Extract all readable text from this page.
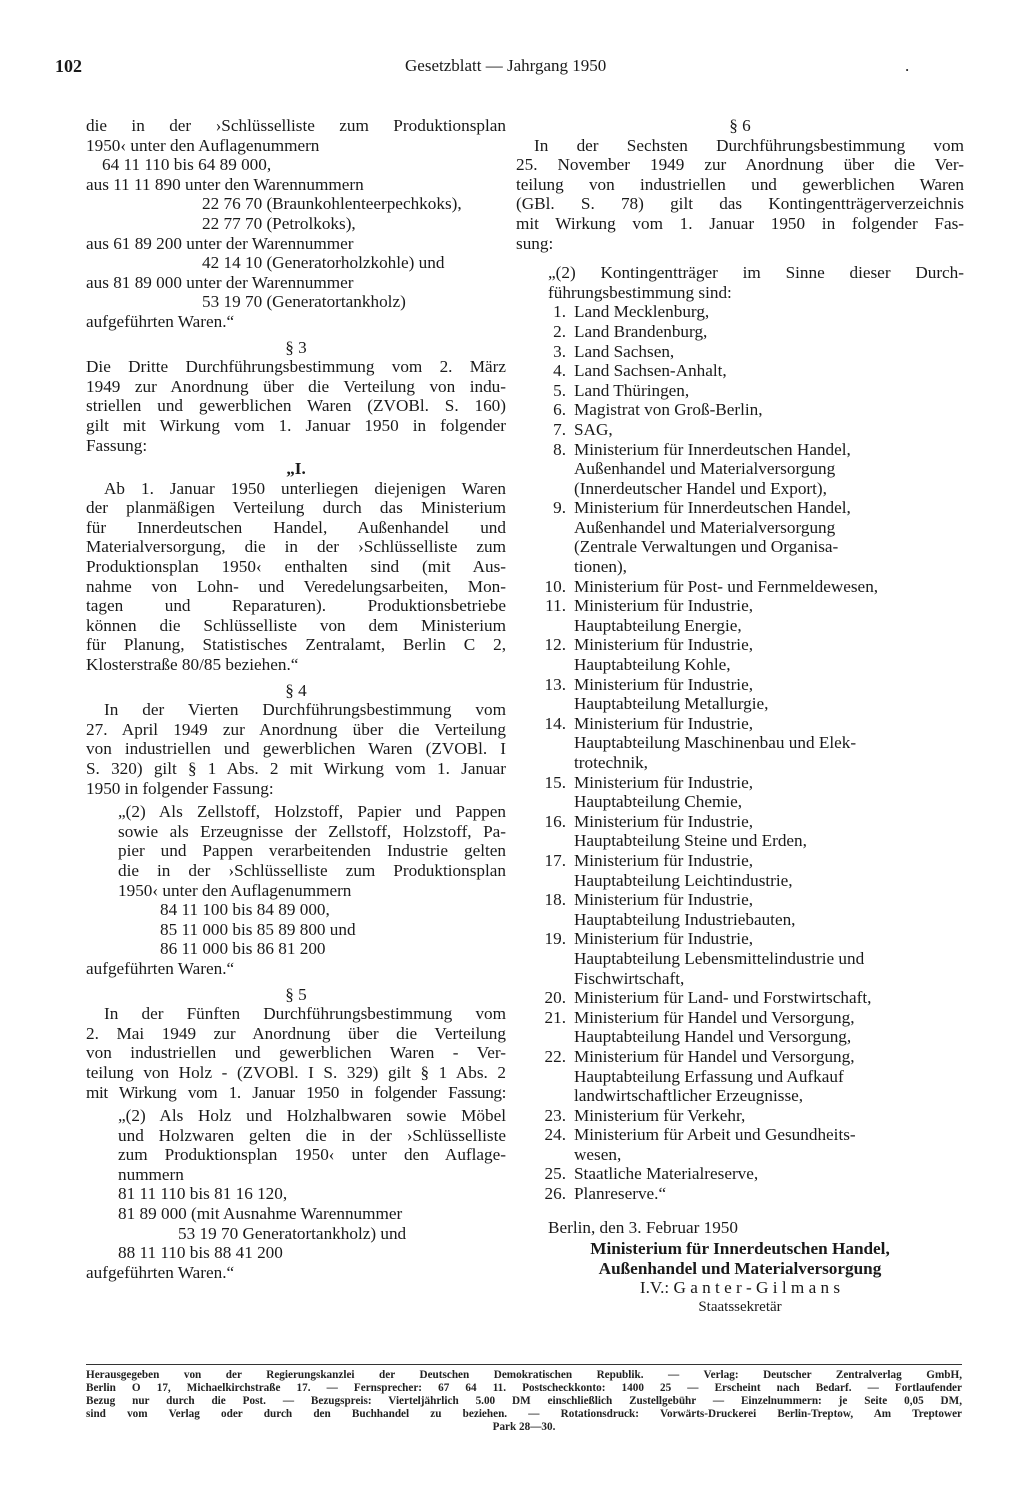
102	Gesetzblatt — Jahrgang 1950	.
die in der ›Schlüsselliste zum Produktionsplan
1950‹ unter den Auflagenummern
64 11 110 bis 64 89 000,
aus 11 11 890 unter den Warennummern
22 76 70 (Braunkohlenteerpechkoks),
22 77 70 (Petrolkoks),
aus 61 89 200 unter der Warennummer
42 14 10 (Generatorholzkohle) und
aus 81 89 000 unter der Warennummer
53 19 70 (Generatortankholz)
aufgeführten Waren.“
§ 3
Die Dritte Durchführungsbestimmung vom 2. März
1949 zur Anordnung über die Verteilung von indu-
striellen und gewerblichen Waren (ZVOBl. S. 160)
gilt mit Wirkung vom 1. Januar 1950 in folgender
Fassung:
„I.
Ab 1. Januar 1950 unterliegen diejenigen Waren
der planmäßigen Verteilung durch das Ministerium
für Innerdeutschen Handel, Außenhandel und
Materialversorgung, die in der ›Schlüsselliste zum
Produktionsplan 1950‹ enthalten sind (mit Aus-
nahme von Lohn- und Veredelungsarbeiten, Mon-
tagen und Reparaturen). Produktionsbetriebe
können die Schlüsselliste von dem Ministerium
für Planung, Statistisches Zentralamt, Berlin C 2,
Klosterstraße 80/85 beziehen.“
§ 4
In der Vierten Durchführungsbestimmung vom
27. April 1949 zur Anordnung über die Verteilung
von industriellen und gewerblichen Waren (ZVOBl. I
S. 320) gilt § 1 Abs. 2 mit Wirkung vom 1. Januar
1950 in folgender Fassung:
„(2) Als Zellstoff, Holzstoff, Papier und Pappen
sowie als Erzeugnisse der Zellstoff, Holzstoff, Pa-
pier und Pappen verarbeitenden Industrie gelten
die in der ›Schlüsselliste zum Produktionsplan
1950‹ unter den Auflagenummern
84 11 100 bis 84 89 000,
85 11 000 bis 85 89 800 und
86 11 000 bis 86 81 200
aufgeführten Waren.“
§ 5
In der Fünften Durchführungsbestimmung vom
2. Mai 1949 zur Anordnung über die Verteilung
von industriellen und gewerblichen Waren - Ver-
teilung von Holz - (ZVOBl. I S. 329) gilt § 1 Abs. 2
mit Wirkung vom 1. Januar 1950 in folgender Fassung:
„(2) Als Holz und Holzhalbwaren sowie Möbel
und Holzwaren gelten die in der ›Schlüsselliste
zum Produktionsplan 1950‹ unter den Auflage-
nummern
81 11 110 bis 81 16 120,
81 89 000 (mit Ausnahme Warennummer
53 19 70 Generatortankholz) und
88 11 110 bis 88 41 200
aufgeführten Waren.“
§ 6
In der Sechsten Durchführungsbestimmung vom
25. November 1949 zur Anordnung über die Ver-
teilung von industriellen und gewerblichen Waren
(GBl. S. 78) gilt das Kontingentträgerverzeichnis
mit Wirkung vom 1. Januar 1950 in folgender Fas-
sung:
„(2) Kontingentträger im Sinne dieser Durch-
führungsbestimmung sind:
1. Land Mecklenburg,
2. Land Brandenburg,
3. Land Sachsen,
4. Land Sachsen-Anhalt,
5. Land Thüringen,
6. Magistrat von Groß-Berlin,
7. SAG,
8. Ministerium für Innerdeutschen Handel,
Außenhandel und Materialversorgung
(Innerdeutscher Handel und Export),
9. Ministerium für Innerdeutschen Handel,
Außenhandel und Materialversorgung
(Zentrale Verwaltungen und Organisa-
tionen),
10. Ministerium für Post- und Fernmeldewesen,
11. Ministerium für Industrie,
Hauptabteilung Energie,
12. Ministerium für Industrie,
Hauptabteilung Kohle,
13. Ministerium für Industrie,
Hauptabteilung Metallurgie,
14. Ministerium für Industrie,
Hauptabteilung Maschinenbau und Elek-
trotechnik,
15. Ministerium für Industrie,
Hauptabteilung Chemie,
16. Ministerium für Industrie,
Hauptabteilung Steine und Erden,
17. Ministerium für Industrie,
Hauptabteilung Leichtindustrie,
18. Ministerium für Industrie,
Hauptabteilung Industriebauten,
19. Ministerium für Industrie,
Hauptabteilung Lebensmittelindustrie und
Fischwirtschaft,
20. Ministerium für Land- und Forstwirtschaft,
21. Ministerium für Handel und Versorgung,
Hauptabteilung Handel und Versorgung,
22. Ministerium für Handel und Versorgung,
Hauptabteilung Erfassung und Aufkauf
landwirtschaftlicher Erzeugnisse,
23. Ministerium für Verkehr,
24. Ministerium für Arbeit und Gesundheits-
wesen,
25. Staatliche Materialreserve,
26. Planreserve.“
Berlin, den 3. Februar 1950
Ministerium für Innerdeutschen Handel,
Außenhandel und Materialversorgung
I.V.: G a n t e r - G i l m a n s
Staatssekretär
Herausgegeben von der Regierungskanzlei der Deutschen Demokratischen Republik. — Verlag: Deutscher Zentralverlag GmbH,
Berlin O 17, Michaelkirchstraße 17. — Fernsprecher: 67 64 11. Postscheckkonto: 1400 25 — Erscheint nach Bedarf. — Fortlaufender
Bezug nur durch die Post. — Bezugspreis: Vierteljährlich 5.00 DM einschließlich Zustellgebühr — Einzelnummern: je Seite 0,05 DM,
sind vom Verlag oder durch den Buchhandel zu beziehen. — Rotationsdruck: Vorwärts-Druckerei Berlin-Treptow, Am Treptower
Park 28—30.
